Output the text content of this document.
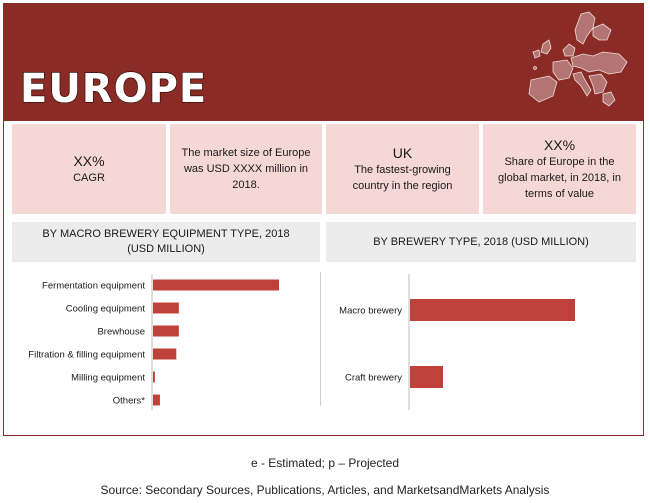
EUROPE
XX%
CAGR
The market size of Europe was USD XXXX million in 2018.
UK
The fastest-growing country in the region
XX%
Share of Europe in the global market, in 2018, in terms of value
BY MACRO BREWERY EQUIPMENT TYPE, 2018 (USD MILLION)
BY BREWERY TYPE, 2018 (USD MILLION)
Fermentation equipment
Cooling equipment
Brewhouse
Filtration & filling equipment
Milling equipment
Others*
Macro brewery
Craft brewery
e - Estimated; p – Projected
Source: Secondary Sources, Publications, Articles, and MarketsandMarkets Analysis
